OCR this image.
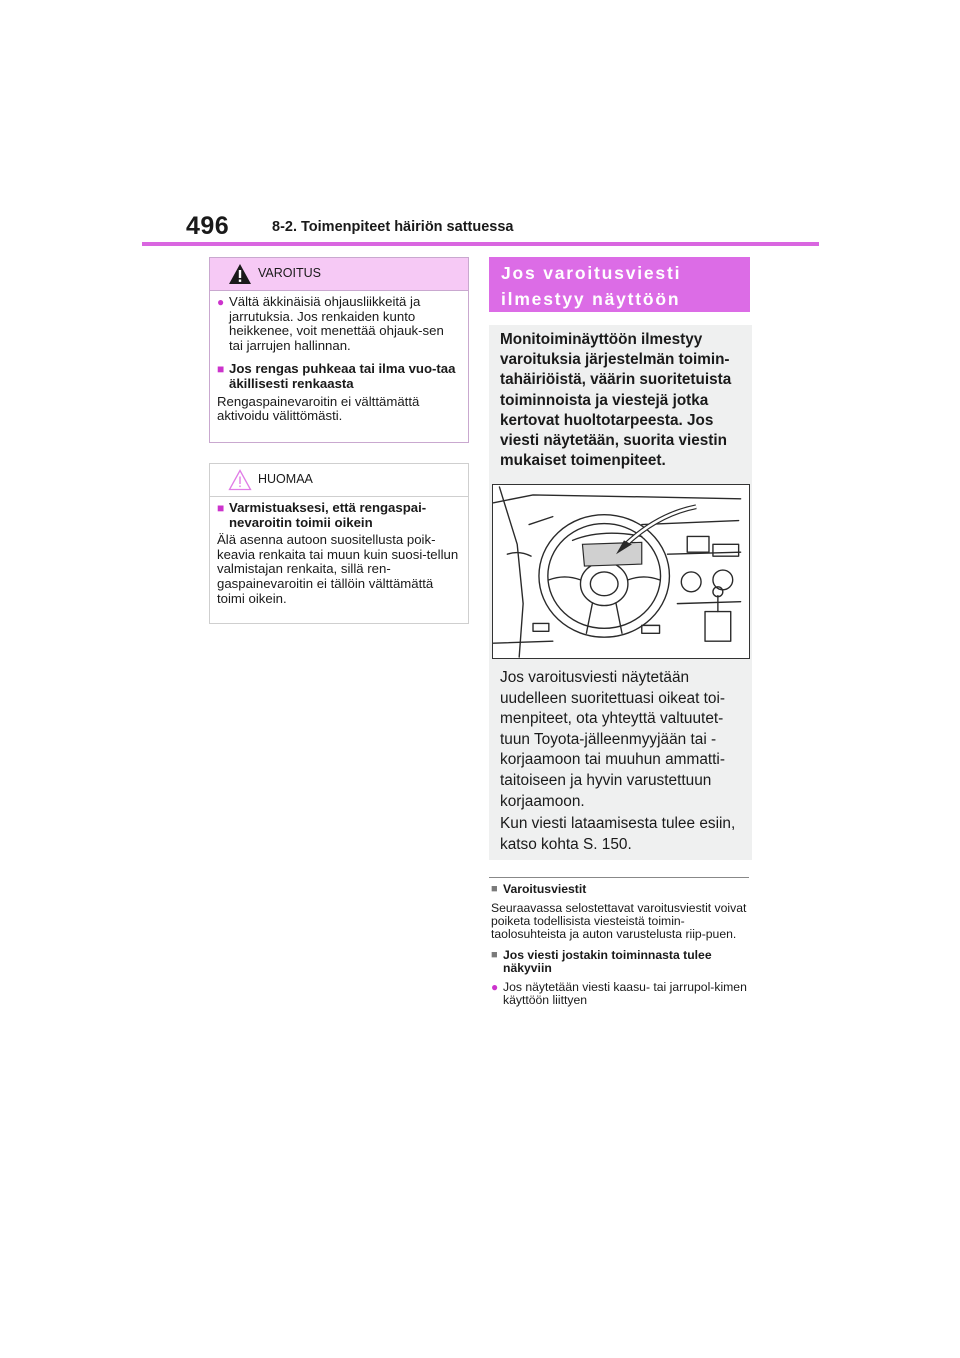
496	8-2. Toimenpiteet häiriön sattuessa
VAROITUS
● Vältä äkkinäisiä ohjausliikkeitä ja jarrutuksia. Jos renkaiden kunto heikkenee, voit menettää ohjauk-sen tai jarrujen hallinnan.
■ Jos rengas puhkeaa tai ilma vuo-taa äkillisesti renkaasta
Rengaspainevaroitin ei välttämättä aktivoidu välittömästi.
HUOMAA
■ Varmistuaksesi, että rengaspai-nevaroitin toimii oikein
Älä asenna autoon suositellusta poik-keavia renkaita tai muun kuin suosi-tellun valmistajan renkaita, sillä ren-gaspainevaroitin ei tällöin välttämättä toimi oikein.
Jos varoitusviesti
ilmestyy näyttöön
Monitoiminäyttöön ilmestyy varoituksia järjestelmän toimin-tahäiriöistä, väärin suoritetuista toiminnoista ja viestejä jotka kertovat huoltotarpeesta. Jos viesti näytetään, suorita viestin mukaiset toimenpiteet.
Jos varoitusviesti näytetään uudelleen suoritettuasi oikeat toi-menpiteet, ota yhteyttä valtuutet-tuun Toyota-jälleenmyyjään tai -korjaamoon tai muuhun ammatti-taitoiseen ja hyvin varustettuun korjaamoon.
Kun viesti lataamisesta tulee esiin, katso kohta S. 150.
■ Varoitusviestit
Seuraavassa selostettavat varoitusviestit voivat poiketa todellisista viesteistä toimin-taolosuhteista ja auton varustelusta riip-puen.
■ Jos viesti jostakin toiminnasta tulee näkyviin
● Jos näytetään viesti kaasu- tai jarrupol-kimen käyttöön liittyen
